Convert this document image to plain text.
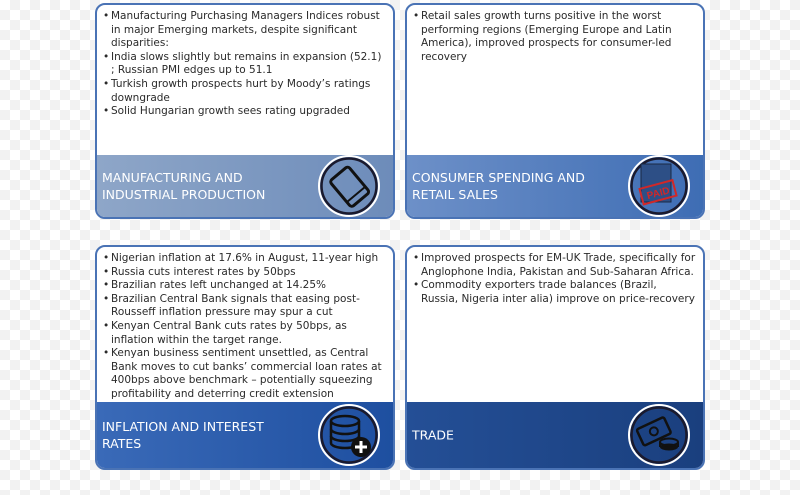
• Manufacturing Purchasing Managers Indices robust in major Emerging markets, despite significant disparities:
• India slows slightly but remains in expansion (52.1) ; Russian PMI edges up to 51.1
• Turkish growth prospects hurt by Moody’s ratings downgrade
• Solid Hungarian growth sees rating upgraded
MANUFACTURING AND
INDUSTRIAL PRODUCTION
• Retail sales growth turns positive in the worst performing regions (Emerging Europe and Latin America), improved prospects for consumer-led recovery
CONSUMER SPENDING AND
RETAIL SALES	PAID
• Nigerian inflation at 17.6% in August, 11-year high
• Russia cuts interest rates by 50bps
• Brazilian rates left unchanged at 14.25%
• Brazilian Central Bank signals that easing post-Rousseff inflation pressure may spur a cut
• Kenyan Central Bank cuts rates by 50bps, as inflation within the target range.
• Kenyan business sentiment unsettled, as Central Bank moves to cut banks’ commercial loan rates at 400bps above benchmark – potentially squeezing profitability and deterring credit extension
INFLATION AND INTEREST
RATES
• Improved prospects for EM-UK Trade, specifically for Anglophone India, Pakistan and Sub-Saharan Africa.
• Commodity exporters trade balances (Brazil, Russia, Nigeria inter alia) improve on price-recovery
TRADE
